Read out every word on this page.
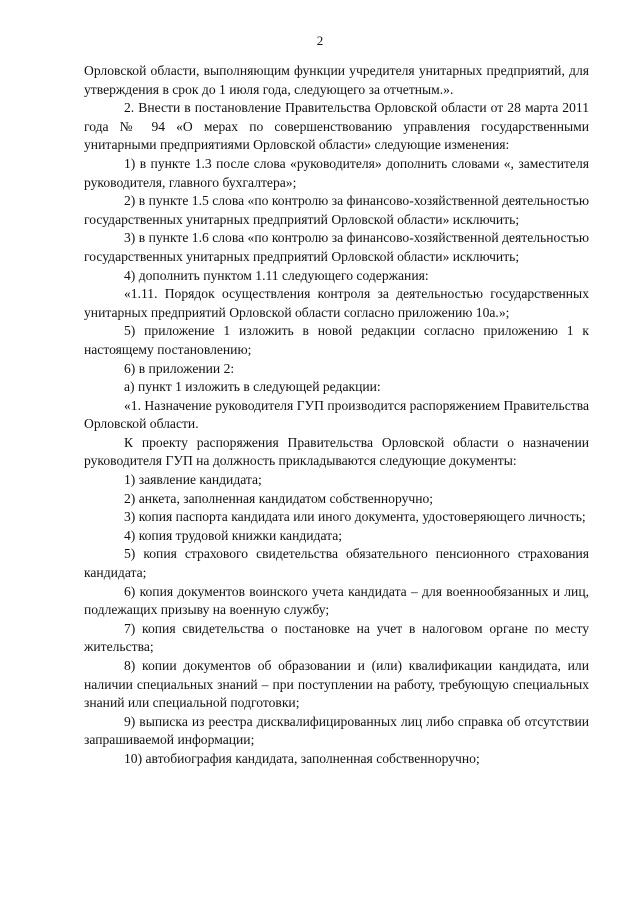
2

Орловской области, выполняющим функции учредителя унитарных предприятий, для утверждения в срок до 1 июля года, следующего за отчетным.».

2. Внести в постановление Правительства Орловской области от 28 марта 2011 года № 94 «О мерах по совершенствованию управления государственными унитарными предприятиями Орловской области» следующие изменения:

1) в пункте 1.3 после слова «руководителя» дополнить словами «, заместителя руководителя, главного бухгалтера»;

2) в пункте 1.5 слова «по контролю за финансово-хозяйственной деятельностью государственных унитарных предприятий Орловской области» исключить;

3) в пункте 1.6 слова «по контролю за финансово-хозяйственной деятельностью государственных унитарных предприятий Орловской области» исключить;

4) дополнить пунктом 1.11 следующего содержания:

«1.11. Порядок осуществления контроля за деятельностью государственных унитарных предприятий Орловской области согласно приложению 10а.»;

5) приложение 1 изложить в новой редакции согласно приложению 1 к настоящему постановлению;

6) в приложении 2:

а) пункт 1 изложить в следующей редакции:

«1. Назначение руководителя ГУП производится распоряжением Правительства Орловской области.

К проекту распоряжения Правительства Орловской области о назначении руководителя ГУП на должность прикладываются следующие документы:

1) заявление кандидата;

2) анкета, заполненная кандидатом собственноручно;

3) копия паспорта кандидата или иного документа, удостоверяющего личность;

4) копия трудовой книжки кандидата;

5) копия страхового свидетельства обязательного пенсионного страхования кандидата;

6) копия документов воинского учета кандидата – для военнообязанных и лиц, подлежащих призыву на военную службу;

7) копия свидетельства о постановке на учет в налоговом органе по месту жительства;

8) копии документов об образовании и (или) квалификации кандидата, или наличии специальных знаний – при поступлении на работу, требующую специальных знаний или специальной подготовки;

9) выписка из реестра дисквалифицированных лиц либо справка об отсутствии запрашиваемой информации;

10) автобиография кандидата, заполненная собственноручно;
